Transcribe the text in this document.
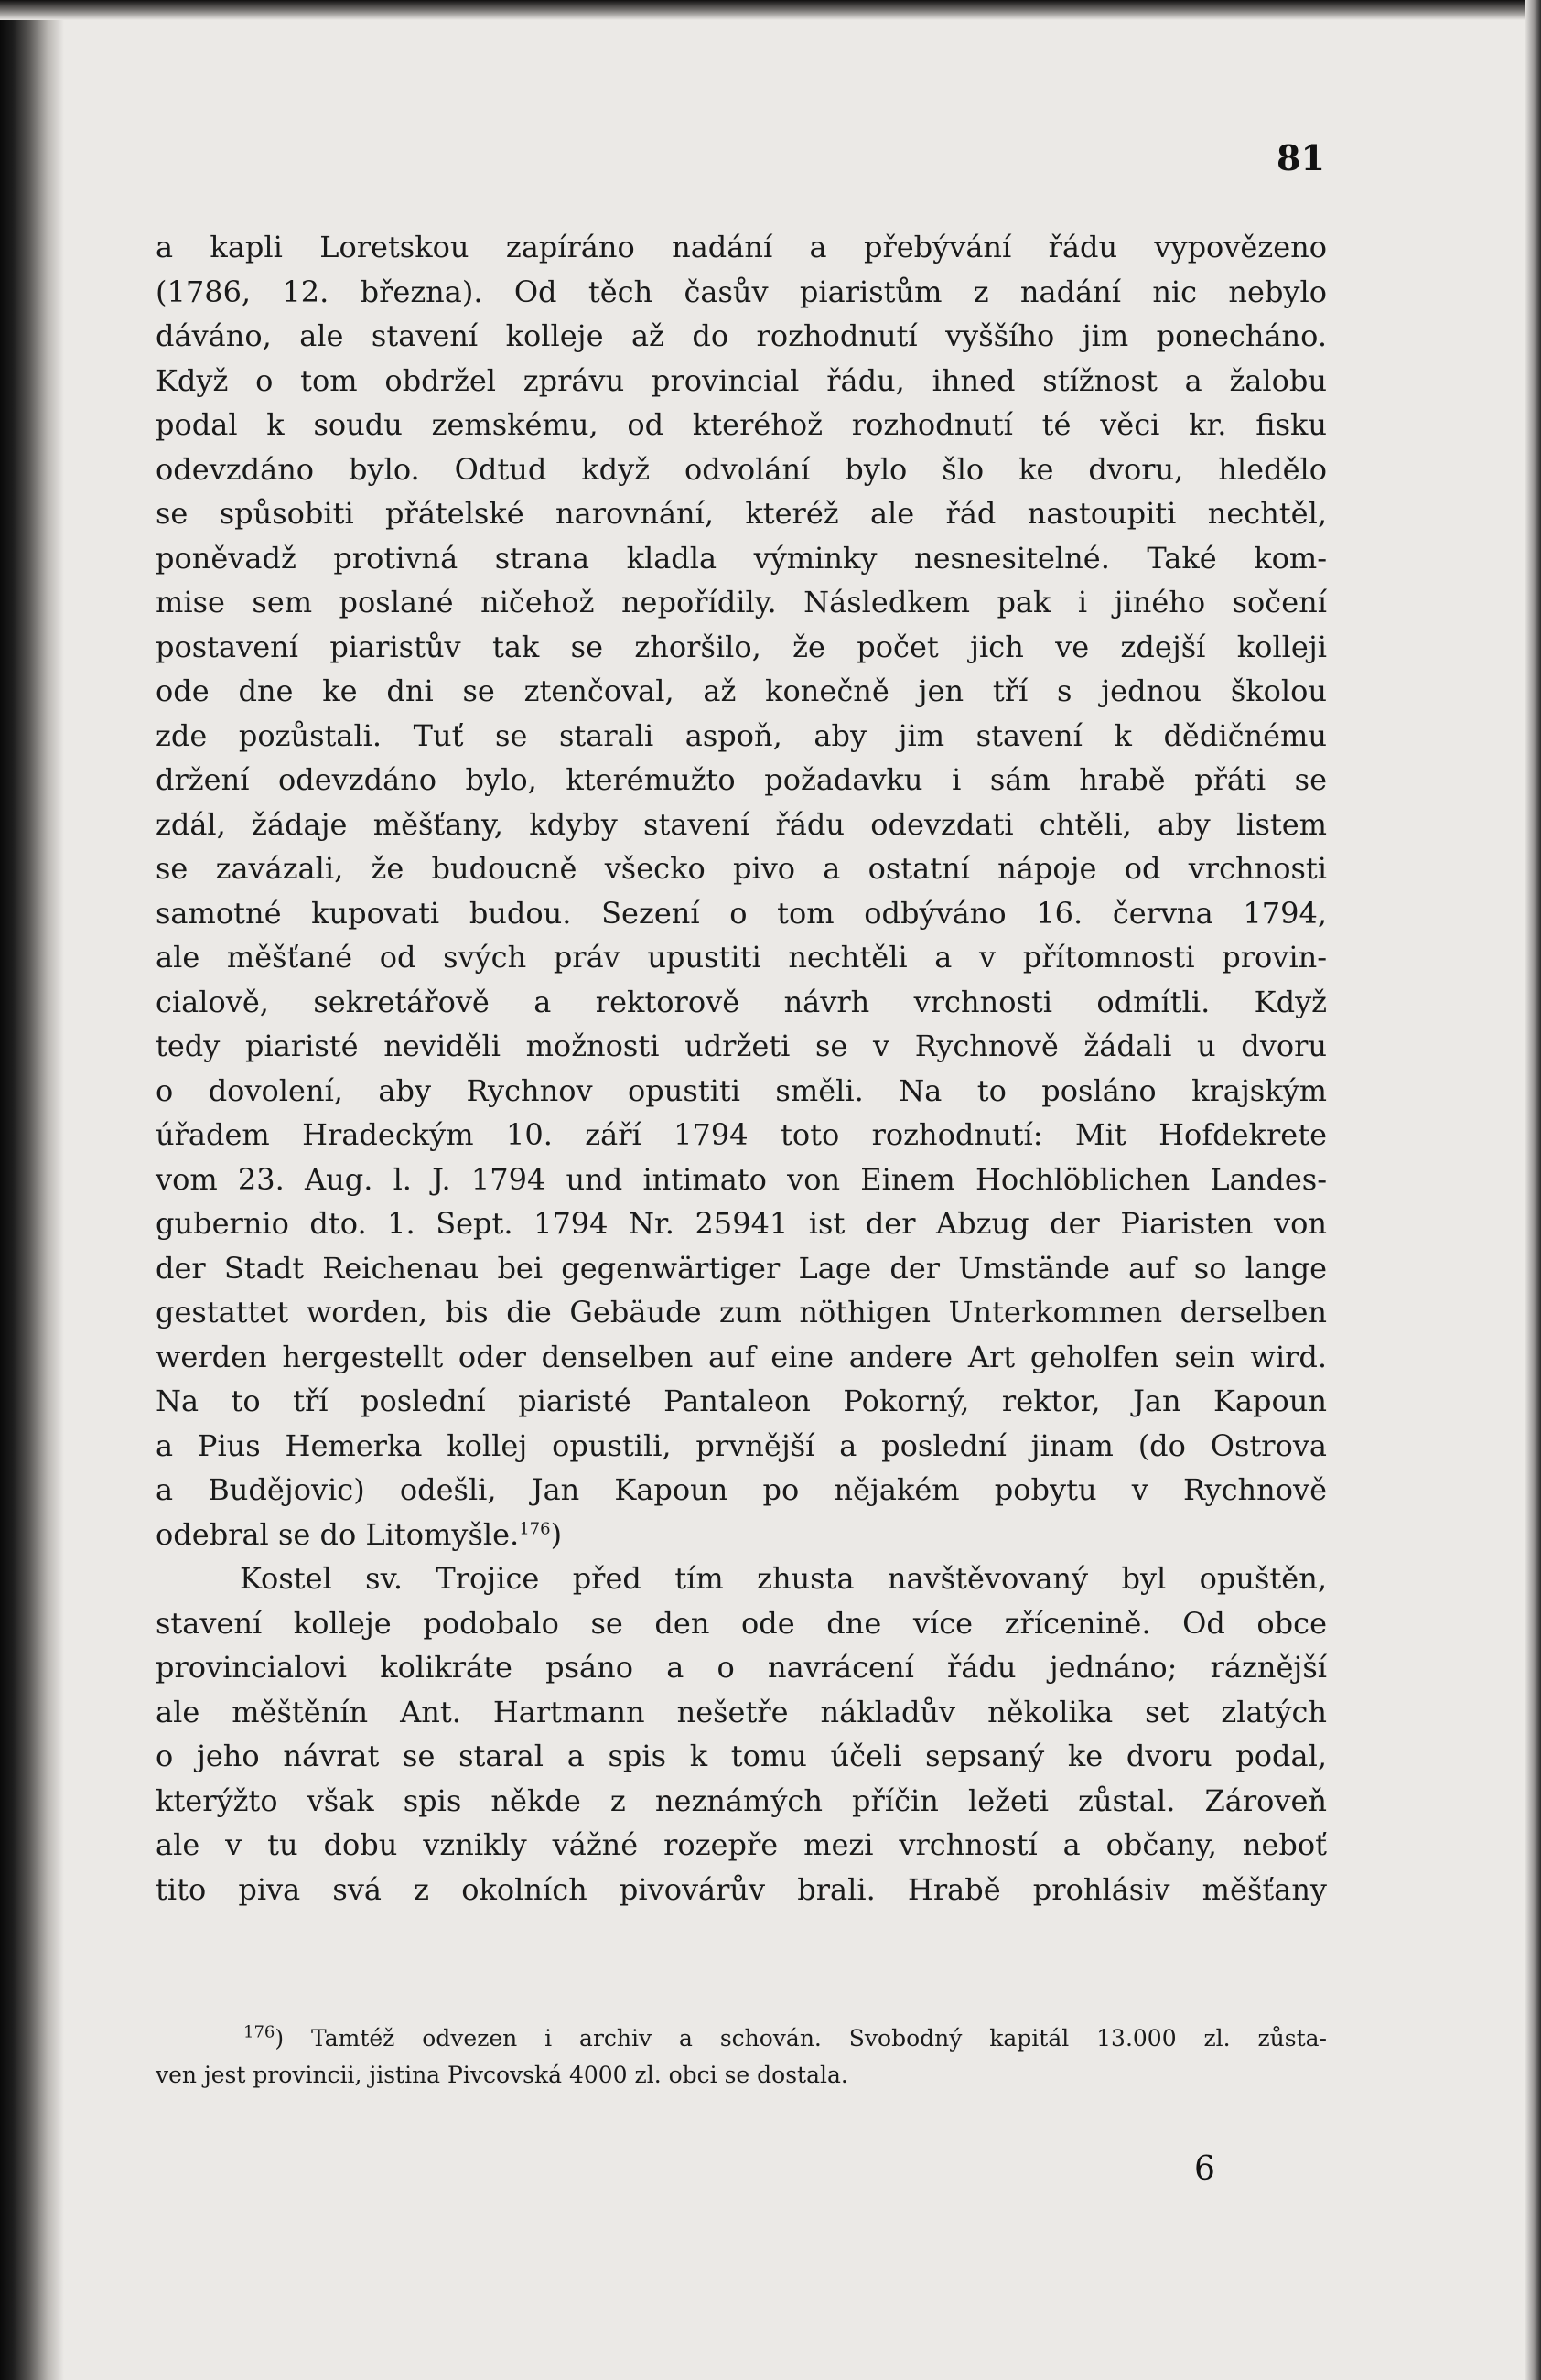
81

a kapli Loretskou zapíráno nadání a přebývání řádu vypovězeno

(1786, 12. března). Od těch časův piaristům z nadání nic nebylo

dáváno, ale stavení kolleje až do rozhodnutí vyššího jim ponecháno.

Když o tom obdržel zprávu provincial řádu, ihned stížnost a žalobu

podal k soudu zemskému, od kteréhož rozhodnutí té věci kr. fisku

odevzdáno bylo. Odtud když odvolání bylo šlo ke dvoru, hledělo

se spůsobiti přátelské narovnání, kteréž ale řád nastoupiti nechtěl,

poněvadž protivná strana kladla výminky nesnesitelné. Také kom-

mise sem poslané ničehož nepořídily. Následkem pak i jiného sočení

postavení piaristův tak se zhoršilo, že počet jich ve zdejší kolleji

ode dne ke dni se ztenčoval, až konečně jen tří s jednou školou

zde pozůstali. Tuť se starali aspoň, aby jim stavení k dědičnému

držení odevzdáno bylo, kterémužto požadavku i sám hrabě přáti se

zdál, žádaje měšťany, kdyby stavení řádu odevzdati chtěli, aby listem

se zavázali, že budoucně všecko pivo a ostatní nápoje od vrchnosti

samotné kupovati budou. Sezení o tom odbýváno 16. června 1794,

ale měšťané od svých práv upustiti nechtěli a v přítomnosti provin-

cialově, sekretářově a rektorově návrh vrchnosti odmítli. Když

tedy piaristé neviděli možnosti udržeti se v Rychnově žádali u dvoru

o dovolení, aby Rychnov opustiti směli. Na to posláno krajským

úřadem Hradeckým 10. září 1794 toto rozhodnutí: Mit Hofdekrete

vom 23. Aug. l. J. 1794 und intimato von Einem Hochlöblichen Landes-

gubernio dto. 1. Sept. 1794 Nr. 25941 ist der Abzug der Piaristen von

der Stadt Reichenau bei gegenwärtiger Lage der Umstände auf so lange

gestattet worden, bis die Gebäude zum nöthigen Unterkommen derselben

werden hergestellt oder denselben auf eine andere Art geholfen sein wird.

Na to tří poslední piaristé Pantaleon Pokorný, rektor, Jan Kapoun

a Pius Hemerka kollej opustili, prvnější a poslední jinam (do Ostrova

a Budějovic) odešli, Jan Kapoun po nějakém pobytu v Rychnově

odebral se do Litomyšle.$^{176}$)

Kostel sv. Trojice před tím zhusta navštěvovaný byl opuštěn,

stavení kolleje podobalo se den ode dne více zřícenině. Od obce

provincialovi kolikráte psáno a o navrácení řádu jednáno; ráznější

ale měštěnín Ant. Hartmann nešetře nákladův několika set zlatých

o jeho návrat se staral a spis k tomu účeli sepsaný ke dvoru podal,

kterýžto však spis někde z neznámých příčin ležeti zůstal. Zároveň

ale v tu dobu vznikly vážné rozepře mezi vrchností a občany, neboť

tito piva svá z okolních pivovárův brali. Hrabě prohlásiv měšťany

$^{176}$) Tamtéž odvezen i archiv a schován. Svobodný kapitál 13.000 zl. zůsta-

ven jest provincii, jistina Pivcovská 4000 zl. obci se dostala.

6
